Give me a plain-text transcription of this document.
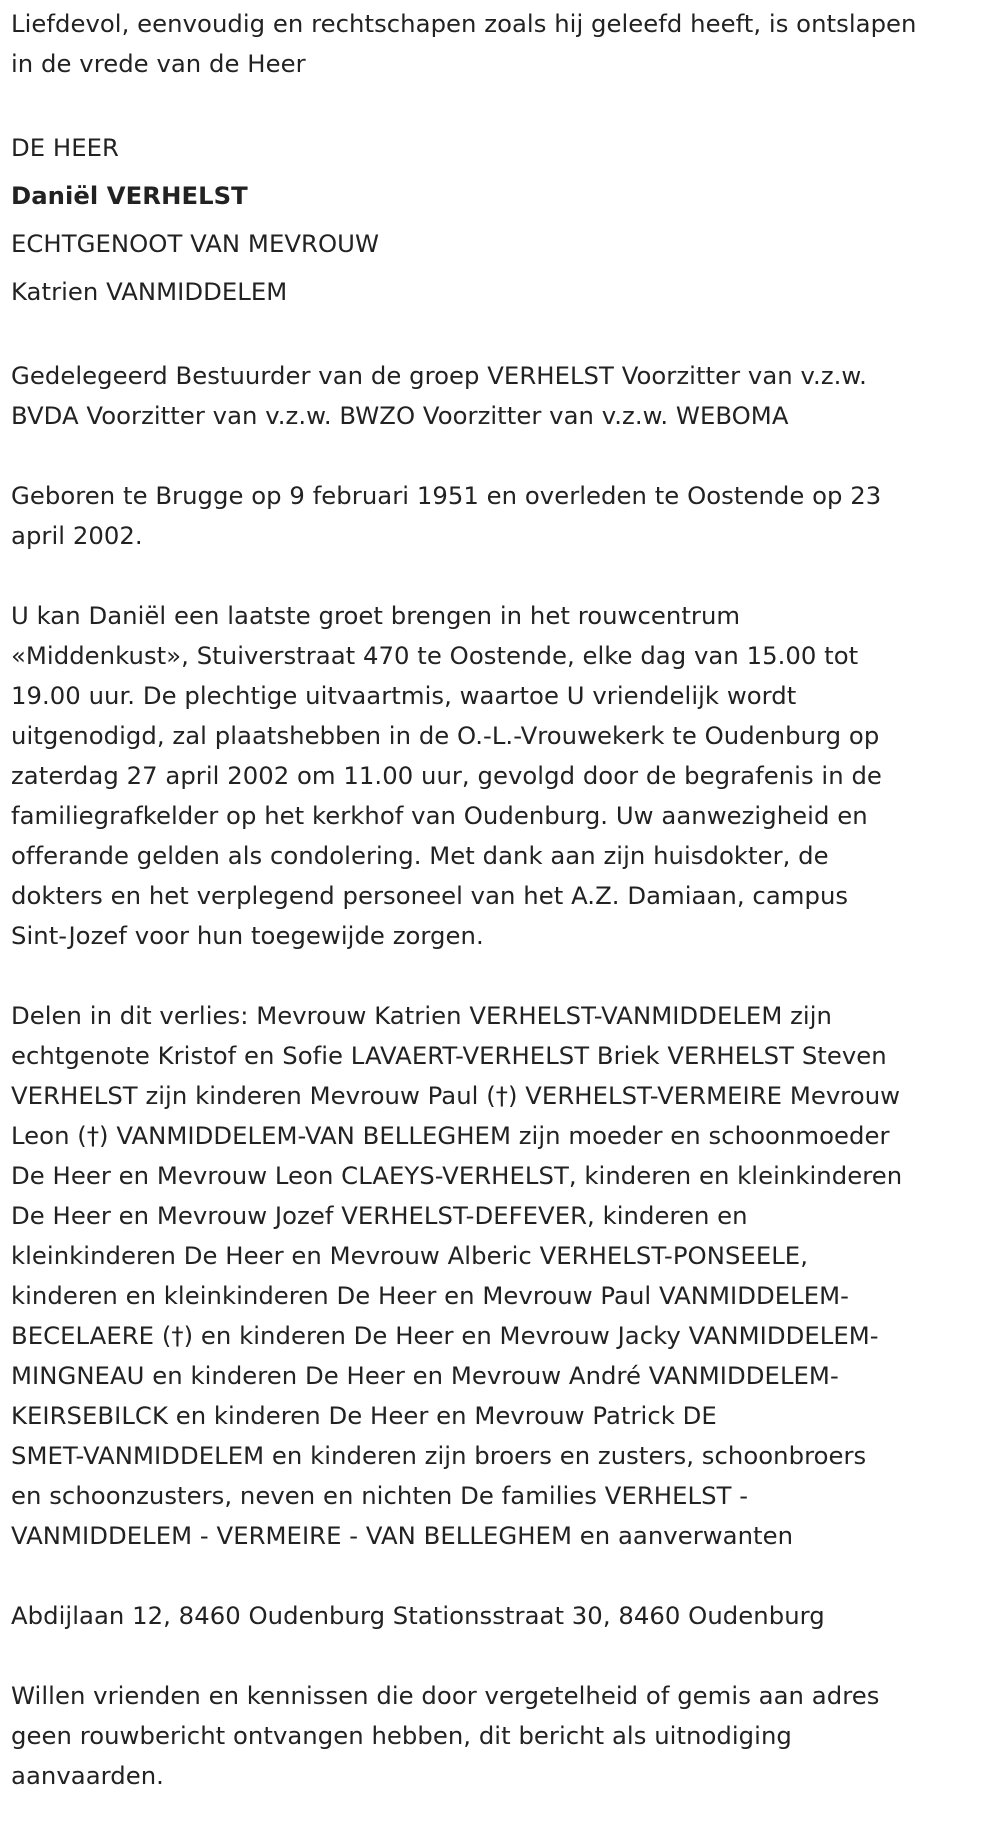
Liefdevol, eenvoudig en rechtschapen zoals hij geleefd heeft, is ontslapen
in de vrede van de Heer
DE HEER
Daniël VERHELST
ECHTGENOOT VAN MEVROUW
Katrien VANMIDDELEM
Gedelegeerd Bestuurder van de groep VERHELST Voorzitter van v.z.w.
BVDA Voorzitter van v.z.w. BWZO Voorzitter van v.z.w. WEBOMA
Geboren te Brugge op 9 februari 1951 en overleden te Oostende op 23
april 2002.
U kan Daniël een laatste groet brengen in het rouwcentrum
«Middenkust», Stuiverstraat 470 te Oostende, elke dag van 15.00 tot
19.00 uur. De plechtige uitvaartmis, waartoe U vriendelijk wordt
uitgenodigd, zal plaatshebben in de O.-L.-Vrouwekerk te Oudenburg op
zaterdag 27 april 2002 om 11.00 uur, gevolgd door de begrafenis in de
familiegrafkelder op het kerkhof van Oudenburg. Uw aanwezigheid en
offerande gelden als condolering. Met dank aan zijn huisdokter, de
dokters en het verplegend personeel van het A.Z. Damiaan, campus
Sint-Jozef voor hun toegewijde zorgen.
Delen in dit verlies: Mevrouw Katrien VERHELST-VANMIDDELEM zijn
echtgenote Kristof en Sofie LAVAERT-VERHELST Briek VERHELST Steven
VERHELST zijn kinderen Mevrouw Paul (†) VERHELST-VERMEIRE Mevrouw
Leon (†) VANMIDDELEM-VAN BELLEGHEM zijn moeder en schoonmoeder
De Heer en Mevrouw Leon CLAEYS-VERHELST, kinderen en kleinkinderen
De Heer en Mevrouw Jozef VERHELST-DEFEVER, kinderen en
kleinkinderen De Heer en Mevrouw Alberic VERHELST-PONSEELE,
kinderen en kleinkinderen De Heer en Mevrouw Paul VANMIDDELEM-
BECELAERE (†) en kinderen De Heer en Mevrouw Jacky VANMIDDELEM-
MINGNEAU en kinderen De Heer en Mevrouw André VANMIDDELEM-
KEIRSEBILCK en kinderen De Heer en Mevrouw Patrick DE
SMET-VANMIDDELEM en kinderen zijn broers en zusters, schoonbroers
en schoonzusters, neven en nichten De families VERHELST -
VANMIDDELEM - VERMEIRE - VAN BELLEGHEM en aanverwanten
Abdijlaan 12, 8460 Oudenburg Stationsstraat 30, 8460 Oudenburg
Willen vrienden en kennissen die door vergetelheid of gemis aan adres
geen rouwbericht ontvangen hebben, dit bericht als uitnodiging
aanvaarden.
